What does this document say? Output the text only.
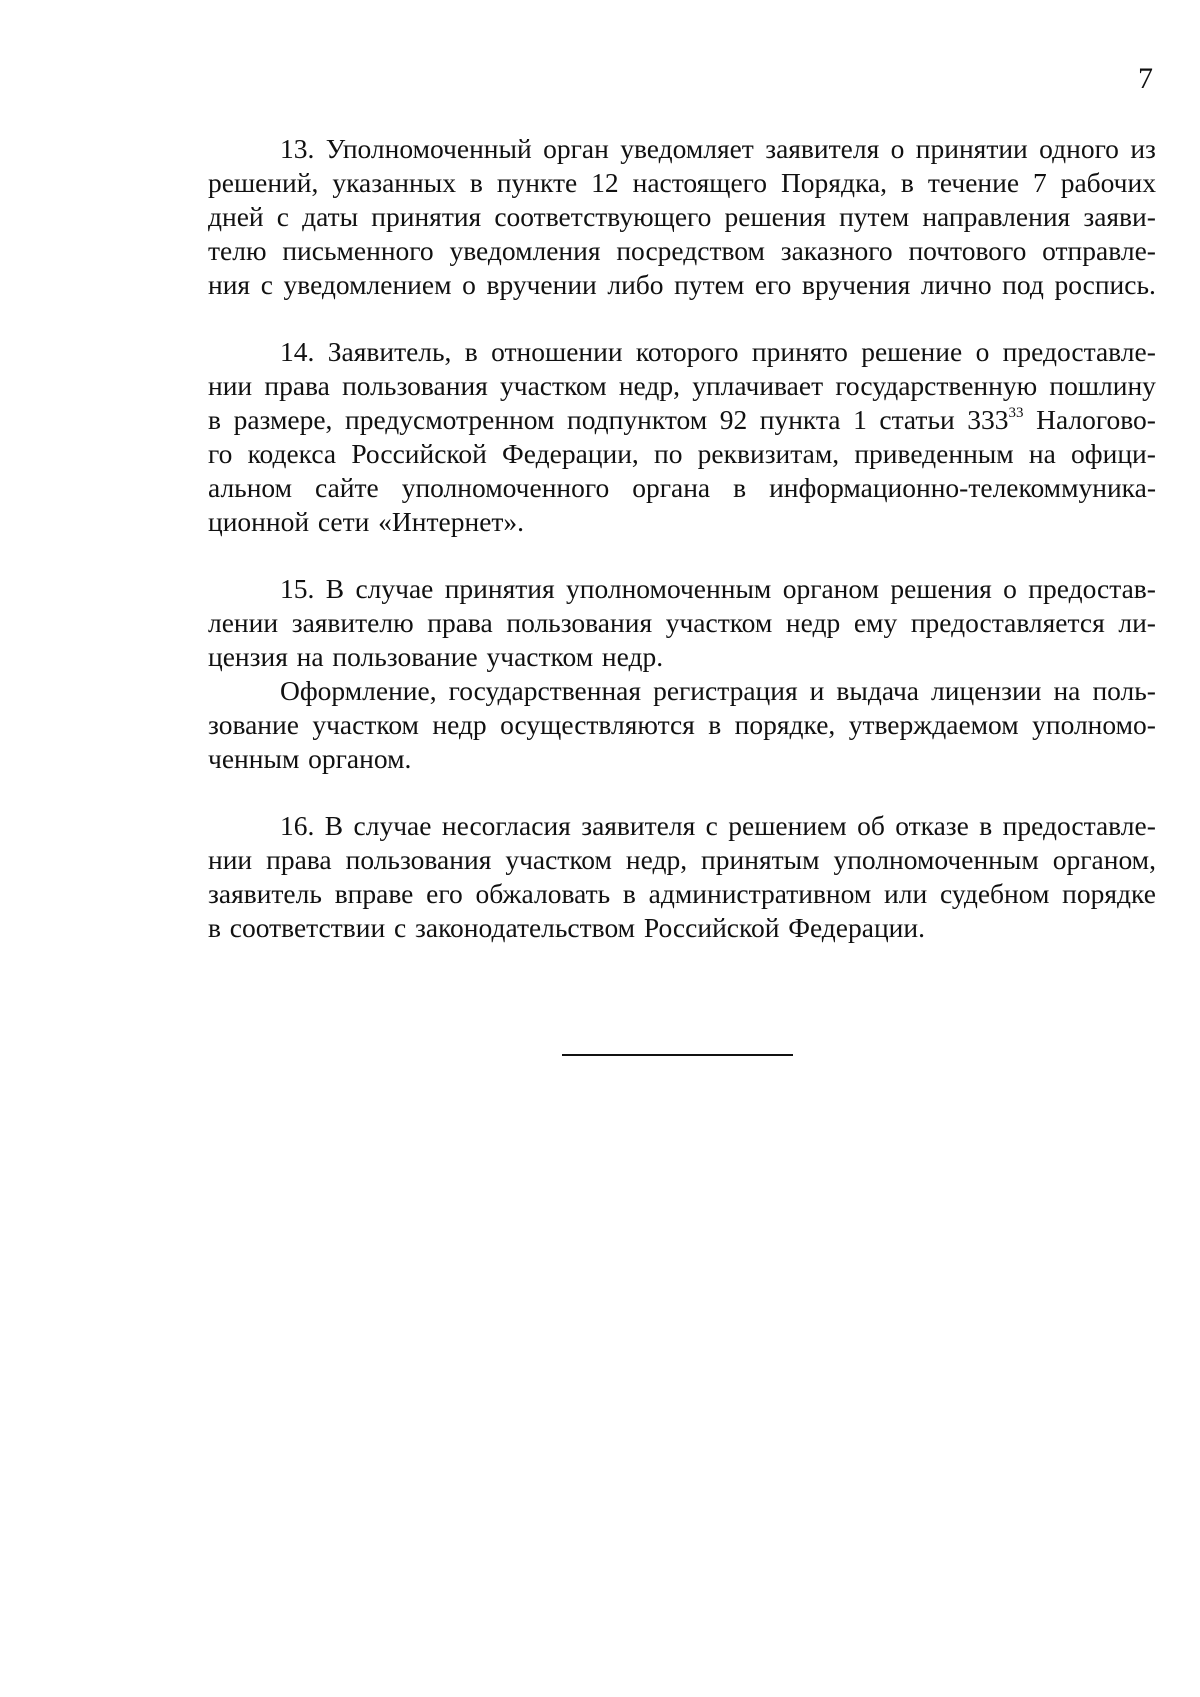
7
13. Уполномоченный орган уведомляет заявителя о принятии одного из
решений, указанных в пункте 12 настоящего Порядка, в течение 7 рабочих
дней с даты принятия соответствующего решения путем направления заяви-
телю письменного уведомления посредством заказного почтового отправле-
ния с уведомлением о вручении либо путем его вручения лично под роспись.
14. Заявитель, в отношении которого принято решение о предоставле-
нии права пользования участком недр, уплачивает государственную пошлину
в размере, предусмотренном подпунктом 92 пункта 1 статьи $333^{33}$ Налогово-
го кодекса Российской Федерации, по реквизитам, приведенным на офици-
альном сайте уполномоченного органа в информационно-телекоммуника-
ционной сети «Интернет».
15. В случае принятия уполномоченным органом решения о предостав-
лении заявителю права пользования участком недр ему предоставляется ли-
цензия на пользование участком недр.
Оформление, государственная регистрация и выдача лицензии на поль-
зование участком недр осуществляются в порядке, утверждаемом уполномо-
ченным органом.
16. В случае несогласия заявителя с решением об отказе в предоставле-
нии права пользования участком недр, принятым уполномоченным органом,
заявитель вправе его обжаловать в административном или судебном порядке
в соответствии с законодательством Российской Федерации.
